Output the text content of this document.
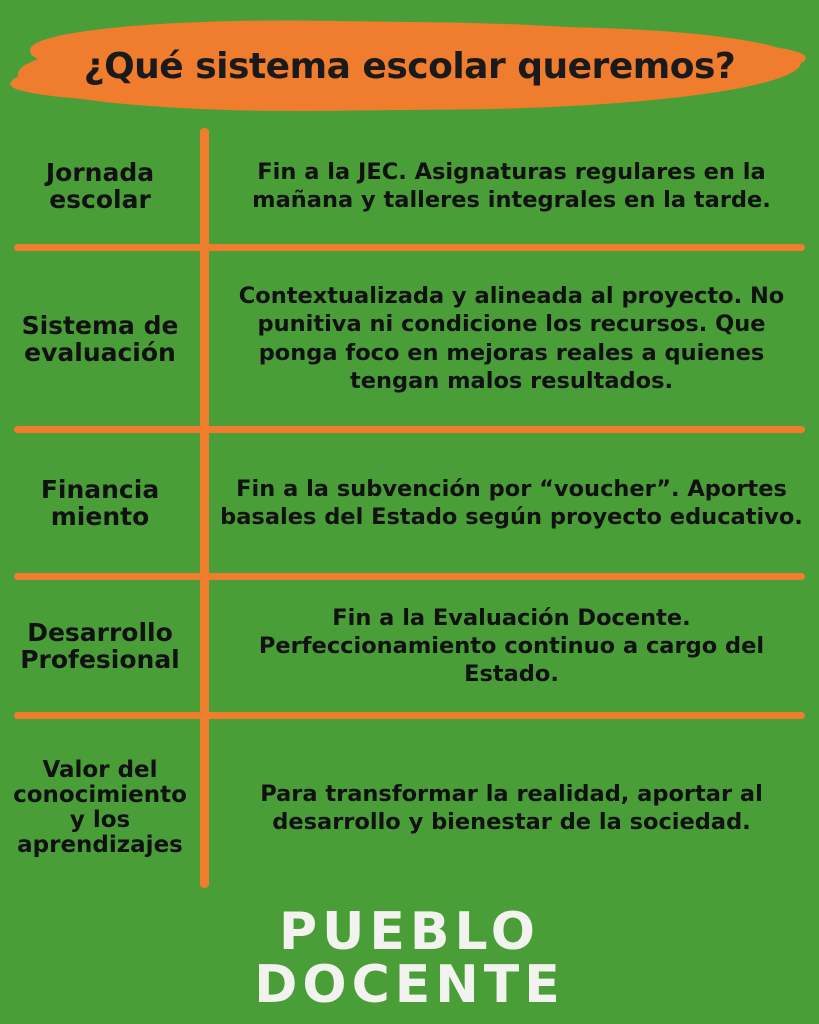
¿Qué sistema escolar queremos?
Jornada escolar
Fin a la JEC. Asignaturas regulares en la mañana y talleres integrales en la tarde.
Sistema de evaluación
Contextualizada y alineada al proyecto. No punitiva ni condicione los recursos. Que ponga foco en mejoras reales a quienes tengan malos resultados.
Financia miento
Fin a la subvención por “voucher”. Aportes basales del Estado según proyecto educativo.
Desarrollo Profesional
Fin a la Evaluación Docente. Perfeccionamiento continuo a cargo del Estado.
Valor del conocimiento y los aprendizajes
Para transformar la realidad, aportar al desarrollo y bienestar de la sociedad.
PUEBLO
DOCENTE
